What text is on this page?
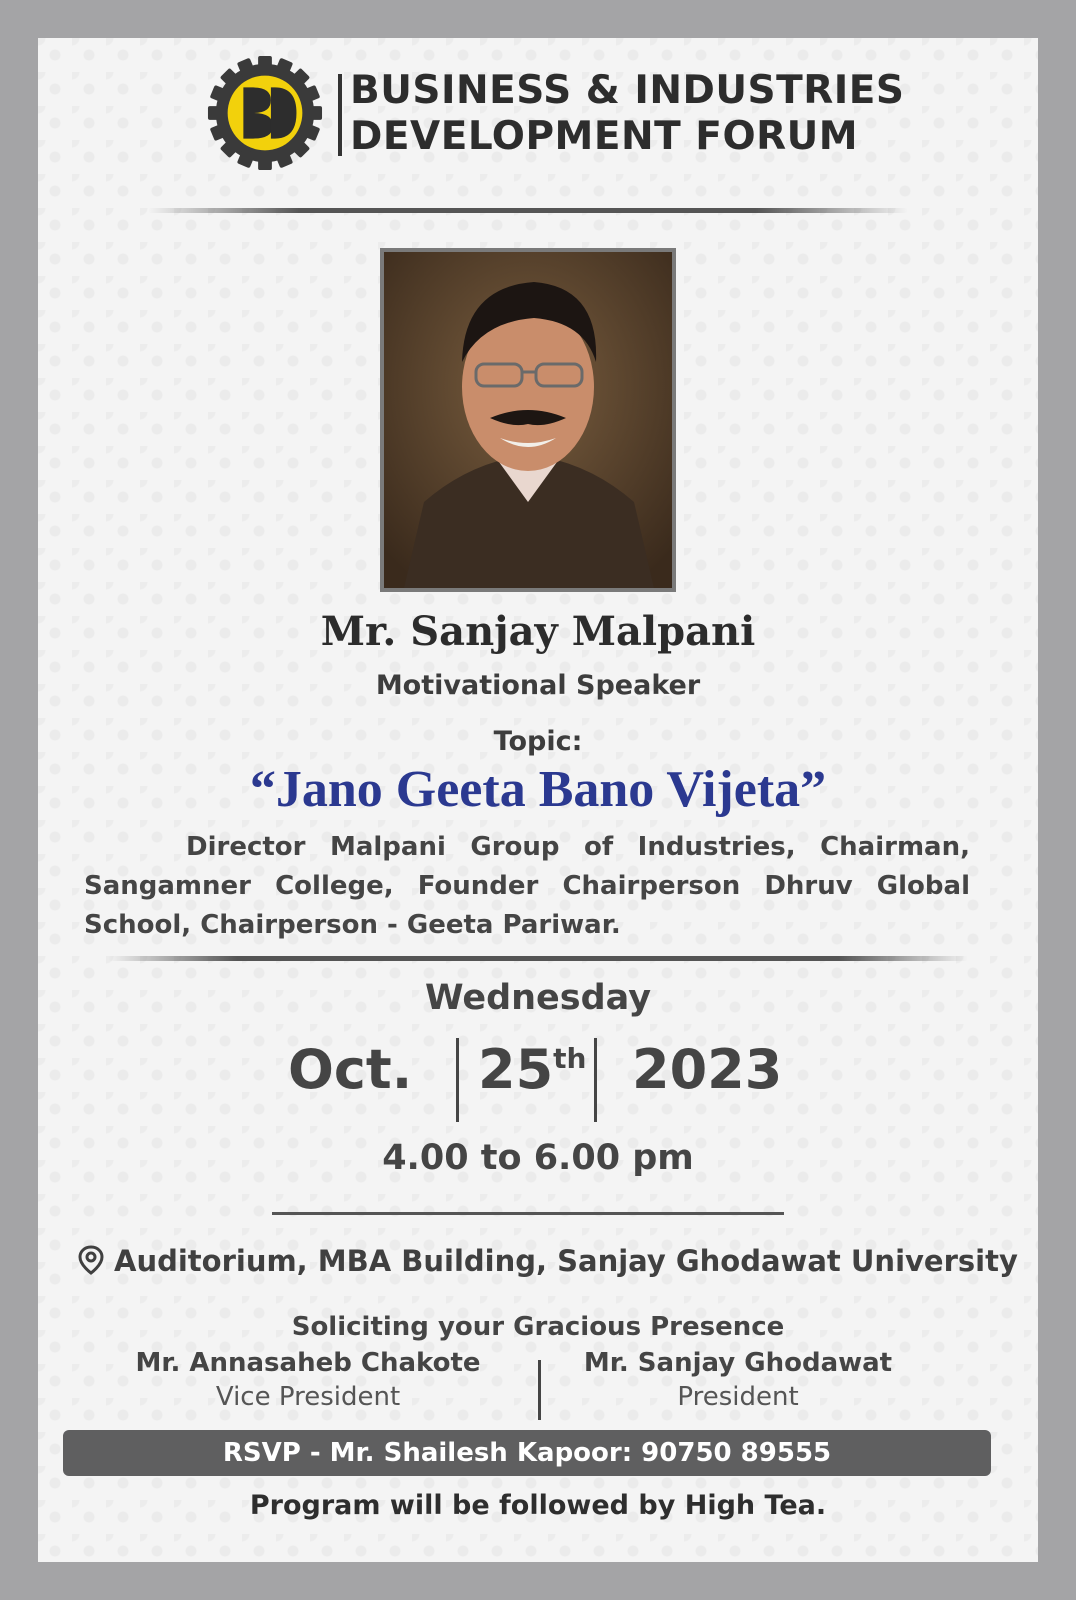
BUSINESS & INDUSTRIES
DEVELOPMENT FORUM
Mr. Sanjay Malpani
Motivational Speaker
Topic:
“Jano Geeta Bano Vijeta”
Director Malpani Group of Industries, Chairman, Sangamner College, Founder Chairperson Dhruv Global School, Chairperson - Geeta Pariwar.
Wednesday
Oct. 25th 2023
4.00 to 6.00 pm
Auditorium, MBA Building, Sanjay Ghodawat University
Soliciting your Gracious Presence
Mr. Annasaheb Chakote
Vice President
Mr. Sanjay Ghodawat
President
RSVP - Mr. Shailesh Kapoor: 90750 89555
Program will be followed by High Tea.
